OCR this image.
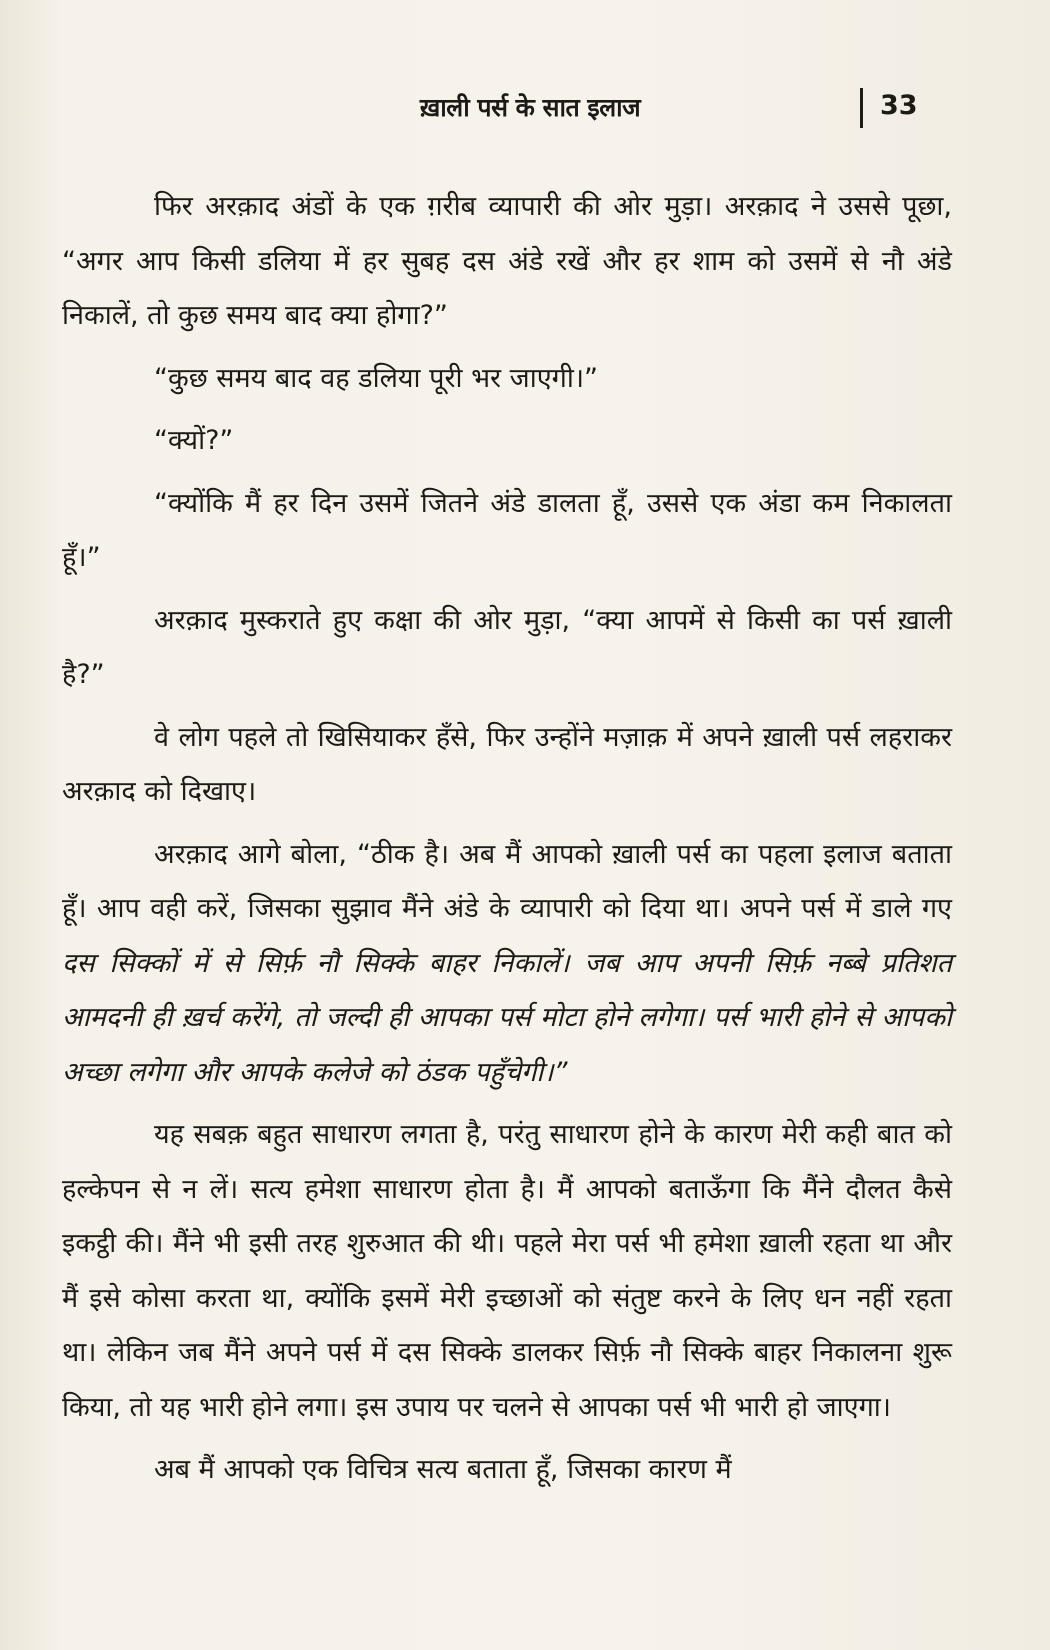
ख़ाली पर्स के सात इलाज	33

फिर अरक़ाद अंडों के एक ग़रीब व्यापारी की ओर मुड़ा। अरक़ाद ने उससे पूछा, “अगर आप किसी डलिया में हर सुबह दस अंडे रखें और हर शाम को उसमें से नौ अंडे निकालें, तो कुछ समय बाद क्या होगा?”

“कुछ समय बाद वह डलिया पूरी भर जाएगी।”

“क्यों?”

“क्योंकि मैं हर दिन उसमें जितने अंडे डालता हूँ, उससे एक अंडा कम निकालता हूँ।”

अरक़ाद मुस्कराते हुए कक्षा की ओर मुड़ा, “क्या आपमें से किसी का पर्स ख़ाली है?”

वे लोग पहले तो खिसियाकर हँसे, फिर उन्होंने मज़ाक़ में अपने ख़ाली पर्स लहराकर अरक़ाद को दिखाए।

अरक़ाद आगे बोला, “ठीक है। अब मैं आपको ख़ाली पर्स का पहला इलाज बताता हूँ। आप वही करें, जिसका सुझाव मैंने अंडे के व्यापारी को दिया था। अपने पर्स में डाले गए दस सिक्कों में से सिर्फ़ नौ सिक्के बाहर निकालें। जब आप अपनी सिर्फ़ नब्बे प्रतिशत आमदनी ही ख़र्च करेंगे, तो जल्दी ही आपका पर्स मोटा होने लगेगा। पर्स भारी होने से आपको अच्छा लगेगा और आपके कलेजे को ठंडक पहुँचेगी।”

यह सबक़ बहुत साधारण लगता है, परंतु साधारण होने के कारण मेरी कही बात को हल्केपन से न लें। सत्य हमेशा साधारण होता है। मैं आपको बताऊँगा कि मैंने दौलत कैसे इकट्ठी की। मैंने भी इसी तरह शुरुआत की थी। पहले मेरा पर्स भी हमेशा ख़ाली रहता था और मैं इसे कोसा करता था, क्योंकि इसमें मेरी इच्छाओं को संतुष्ट करने के लिए धन नहीं रहता था। लेकिन जब मैंने अपने पर्स में दस सिक्के डालकर सिर्फ़ नौ सिक्के बाहर निकालना शुरू किया, तो यह भारी होने लगा। इस उपाय पर चलने से आपका पर्स भी भारी हो जाएगा।

अब मैं आपको एक विचित्र सत्य बताता हूँ, जिसका कारण मैं
